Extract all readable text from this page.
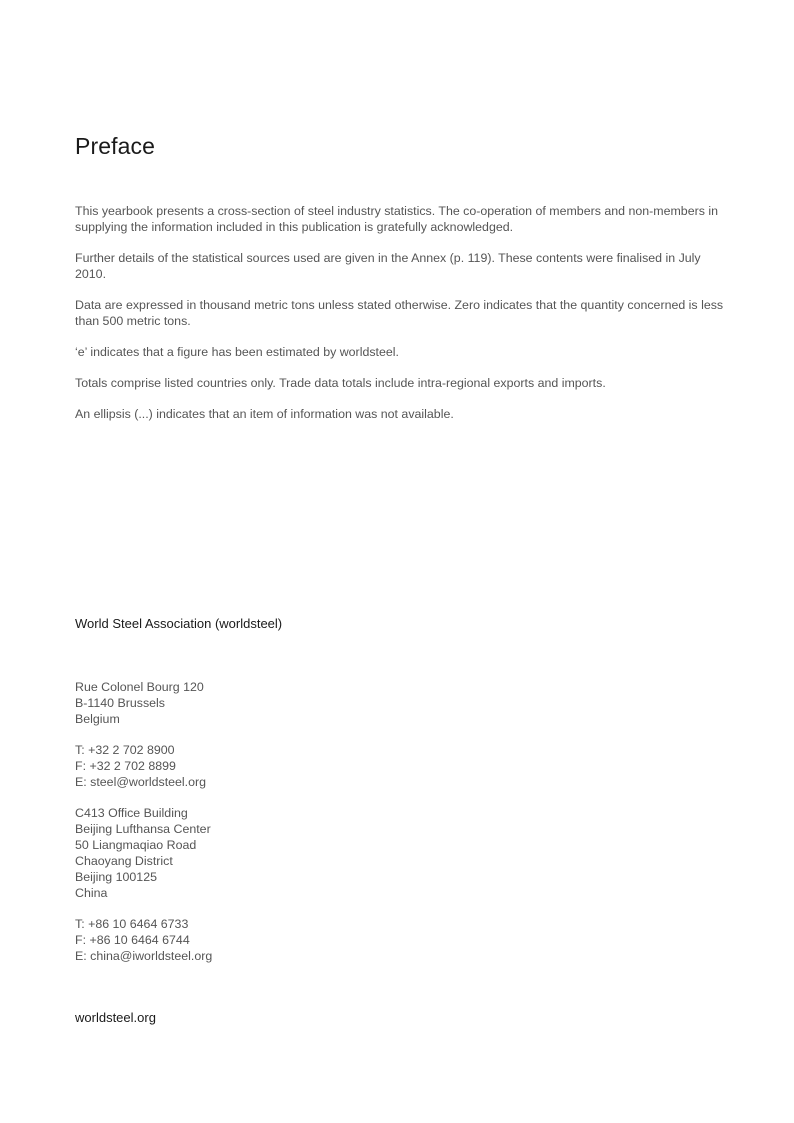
Preface

This yearbook presents a cross-section of steel industry statistics. The co-operation of members and non-members in supplying the information included in this publication is gratefully acknowledged.

Further details of the statistical sources used are given in the Annex (p. 119). These contents were finalised in July 2010.

Data are expressed in thousand metric tons unless stated otherwise. Zero indicates that the quantity concerned is less than 500 metric tons.

‘e’ indicates that a figure has been estimated by worldsteel.

Totals comprise listed countries only. Trade data totals include intra-regional exports and imports.

An ellipsis (...) indicates that an item of information was not available.

World Steel Association (worldsteel)

Rue Colonel Bourg 120
B-1140 Brussels
Belgium
T: +32 2 702 8900
F: +32 2 702 8899
E: steel@worldsteel.org
C413 Office Building
Beijing Lufthansa Center
50 Liangmaqiao Road
Chaoyang District
Beijing 100125
China
T: +86 10 6464 6733
F: +86 10 6464 6744
E: china@iworldsteel.org

worldsteel.org
